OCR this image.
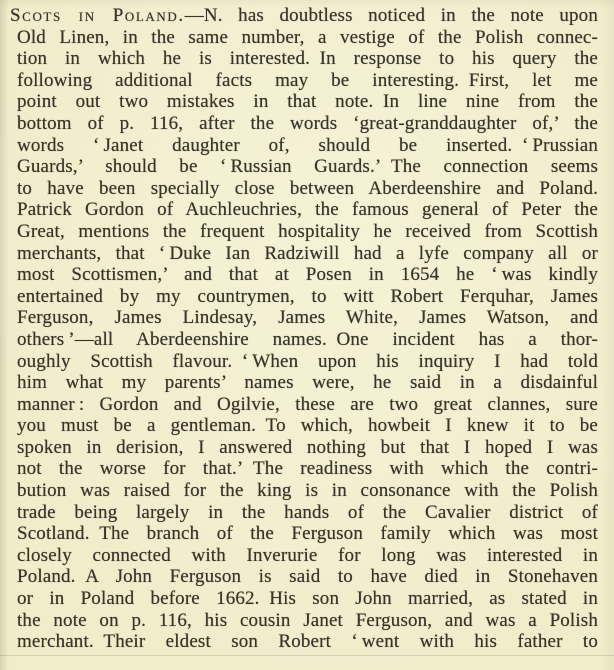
Scots in Poland.—N. has doubtless noticed in the note upon
Old Linen, in the same number, a vestige of the Polish connec-
tion in which he is interested. In response to his query the
following additional facts may be interesting. First, let me
point out two mistakes in that note. In line nine from the
bottom of p. 116, after the words ‘great-granddaughter of,’ the
words ‘ Janet daughter of, should be inserted. ‘ Prussian
Guards,’ should be ‘ Russian Guards.’ The connection seems
to have been specially close between Aberdeenshire and Poland.
Patrick Gordon of Auchleuchries, the famous general of Peter the
Great, mentions the frequent hospitality he received from Scottish
merchants, that ‘ Duke Ian Radziwill had a lyfe company all or
most Scottismen,’ and that at Posen in 1654 he ‘ was kindly
entertained by my countrymen, to witt Robert Ferquhar, James
Ferguson, James Lindesay, James White, James Watson, and
others ’—all Aberdeenshire names. One incident has a thor-
oughly Scottish flavour. ‘ When upon his inquiry I had told
him what my parents’ names were, he said in a disdainful
manner : Gordon and Ogilvie, these are two great clannes, sure
you must be a gentleman. To which, howbeit I knew it to be
spoken in derision, I answered nothing but that I hoped I was
not the worse for that.’ The readiness with which the contri-
bution was raised for the king is in consonance with the Polish
trade being largely in the hands of the Cavalier district of
Scotland. The branch of the Ferguson family which was most
closely connected with Inverurie for long was interested in
Poland. A John Ferguson is said to have died in Stonehaven
or in Poland before 1662. His son John married, as stated in
the note on p. 116, his cousin Janet Ferguson, and was a Polish
merchant. Their eldest son Robert ‘ went with his father to
